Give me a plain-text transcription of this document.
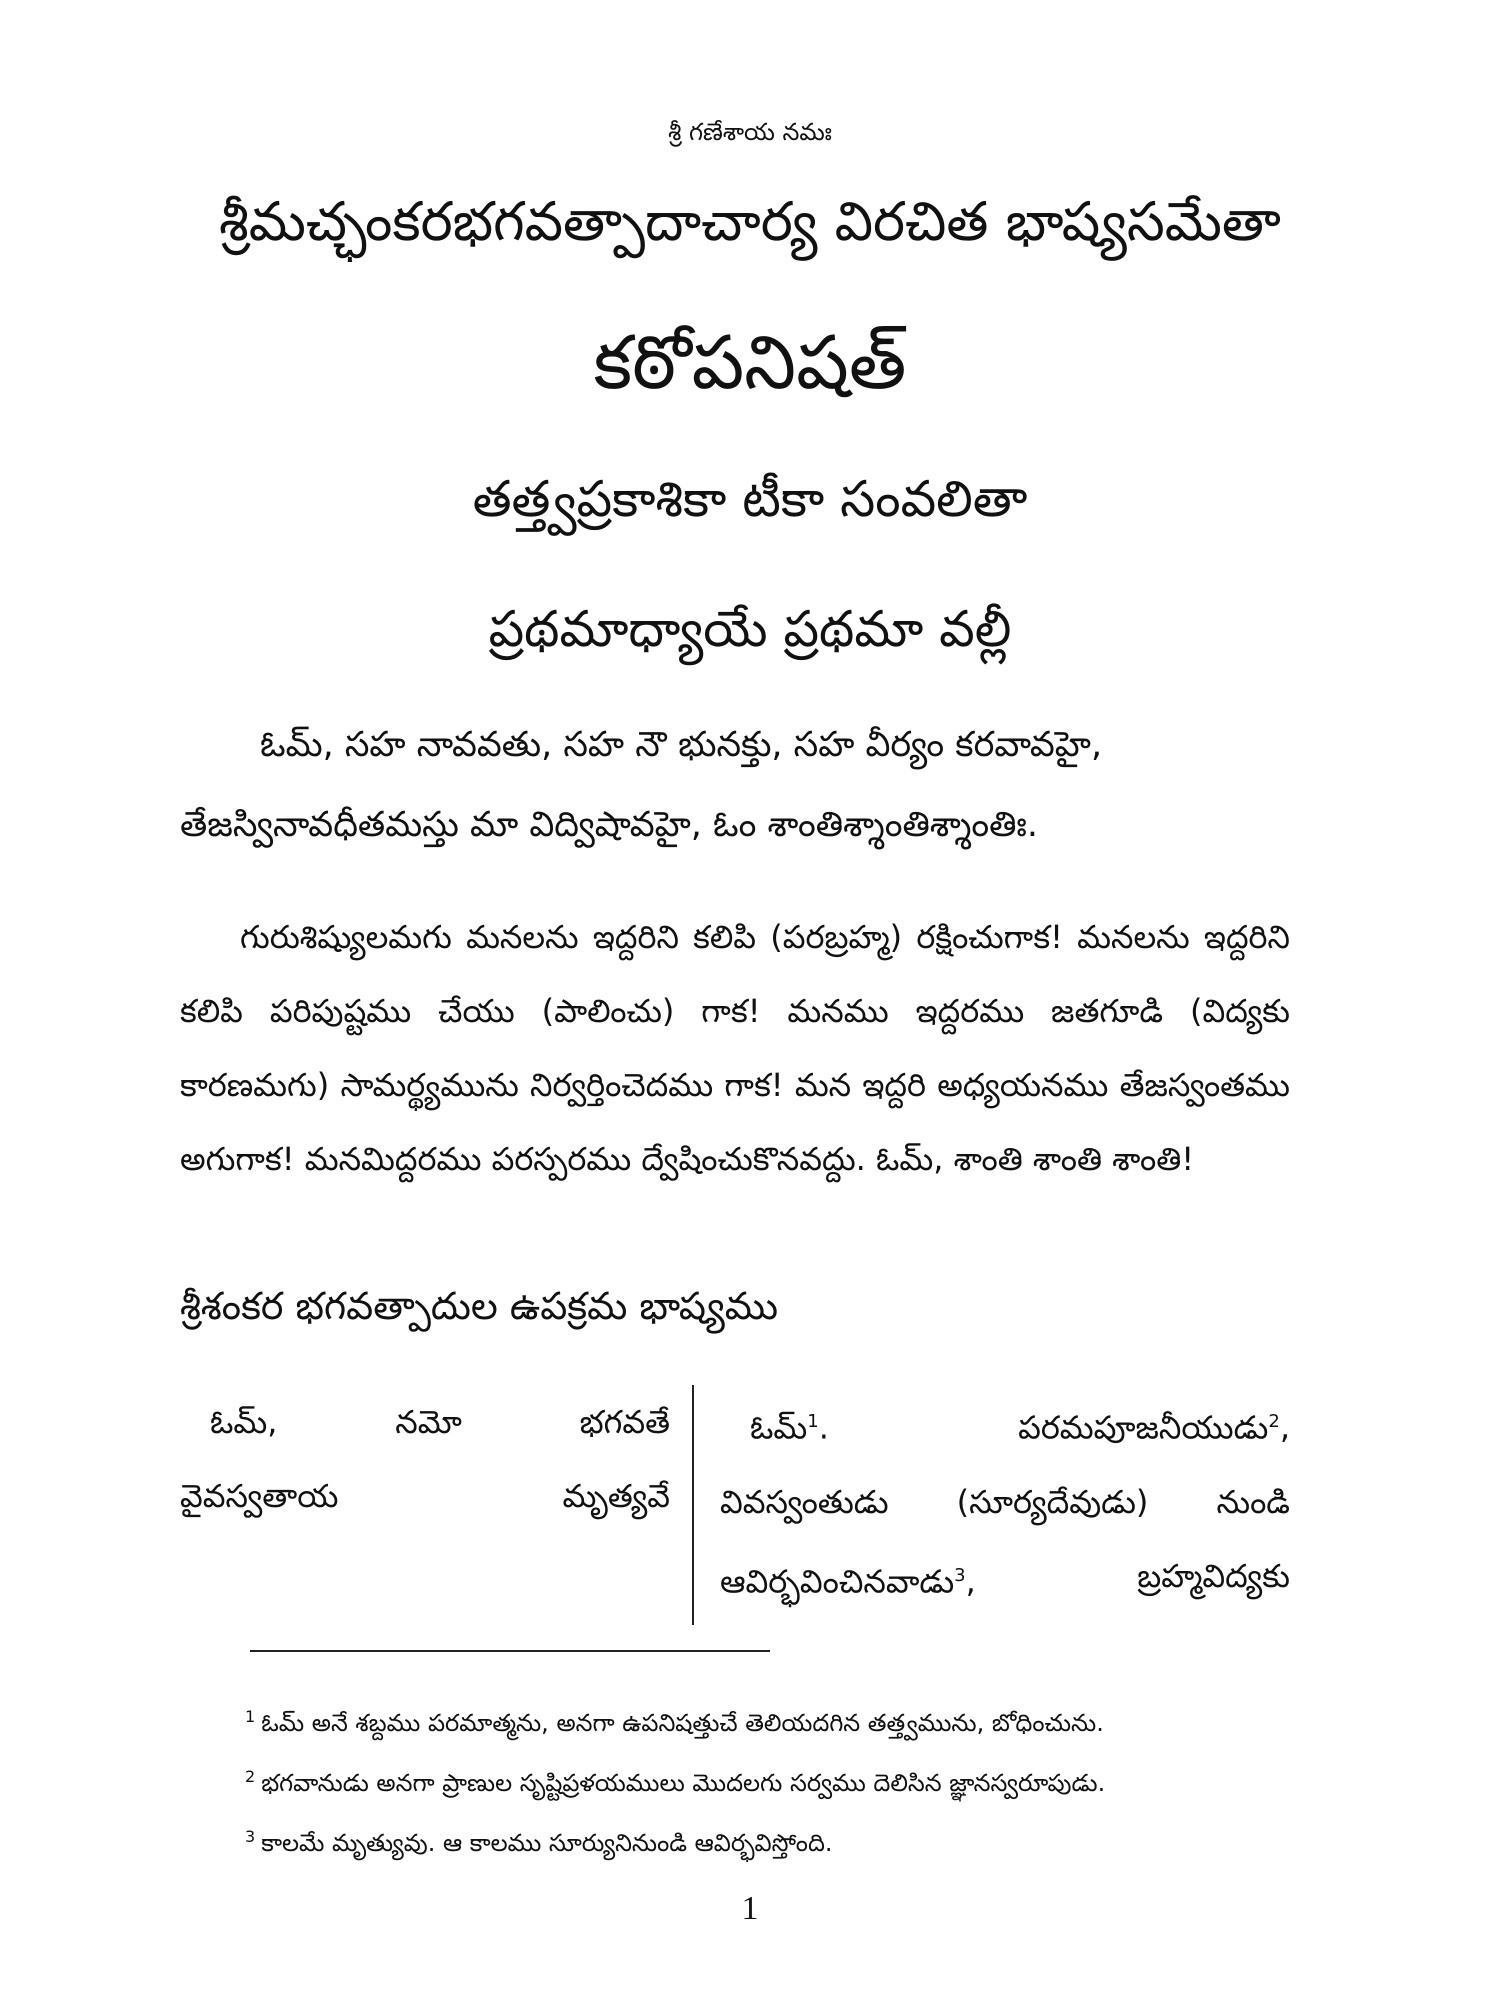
శ్రీ గణేశాయ నమః
శ్రీమచ్ఛంకరభగవత్పాదాచార్య విరచిత భాష్యసమేతా
కఠోపనిషత్
తత్త్వప్రకాశికా టీకా సంవలితా
ప్రథమాధ్యాయే ప్రథమా వల్లీ
ఓమ్, సహ నావవతు, సహ నౌ భునక్తు, సహ వీర్యం కరవావహై,
తేజస్వినావధీతమస్తు మా విద్విషావహై, ఓం శాంతిశ్శాంతిశ్శాంతిః.

గురుశిష్యులమగు మనలను ఇద్దరిని కలిపి (పరబ్రహ్మ) రక్షించుగాక! మనలను ఇద్దరిని కలిపి పరిపుష్టము చేయు (పాలించు) గాక! మనము ఇద్దరము జతగూడి (విద్యకు కారణమగు) సామర్థ్యమును నిర్వర్తించెదము గాక! మన ఇద్దరి అధ్యయనము తేజస్వంతము అగుగాక! మనమిద్దరము పరస్పరము ద్వేషించుకొనవద్దు. ఓమ్, శాంతి శాంతి శాంతి!

శ్రీశంకర భగవత్పాదుల ఉపక్రమ భాష్యము
ఓమ్,	నమో	భగవతే
వైవస్వతాయ	మృత్యవే
ఓమ్$^1$.	పరమపూజనీయుడు$^2$,
వివస్వంతుడు (సూర్యదేవుడు) నుండి
ఆవిర్భవించినవాడు$^3$,	బ్రహ్మవిద్యకు
$^1$ ఓమ్ అనే శబ్దము పరమాత్మను, అనగా ఉపనిషత్తుచే తెలియదగిన తత్త్వమును, బోధించును.
$^2$ భగవానుడు అనగా ప్రాణుల సృష్టిప్రళయములు మొదలగు సర్వము దెలిసిన జ్ఞానస్వరూపుడు.
$^3$ కాలమే మృత్యువు. ఆ కాలము సూర్యునినుండి ఆవిర్భవిస్తోంది.
1
